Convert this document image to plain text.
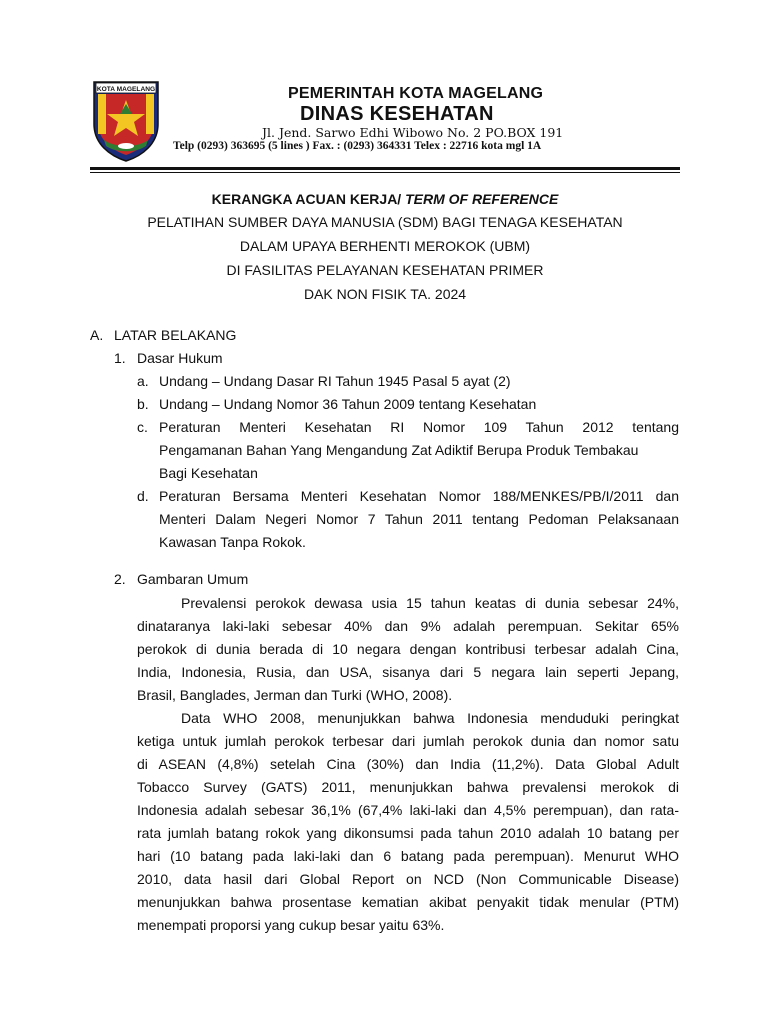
KOTA MAGELANG	PEMERINTAH KOTA MAGELANG
DINAS KESEHATAN
Jl. Jend. Sarwo Edhi Wibowo No. 2 PO.BOX 191
Telp (0293) 363695 (5 lines ) Fax. : (0293) 364331 Telex : 22716 kota mgl 1A
KERANGKA ACUAN KERJA/ TERM OF REFERENCE
PELATIHAN SUMBER DAYA MANUSIA (SDM) BAGI TENAGA KESEHATAN
DALAM UPAYA BERHENTI MEROKOK (UBM)
DI FASILITAS PELAYANAN KESEHATAN PRIMER
DAK NON FISIK TA. 2024
A. LATAR BELAKANG
1. Dasar Hukum
a. Undang – Undang Dasar RI Tahun 1945 Pasal 5 ayat (2)
b. Undang – Undang Nomor 36 Tahun 2009 tentang Kesehatan
c. Peraturan Menteri Kesehatan RI Nomor 109 Tahun 2012 tentang
Pengamanan Bahan Yang Mengandung Zat Adiktif Berupa Produk Tembakau
Bagi Kesehatan
d. Peraturan Bersama Menteri Kesehatan Nomor 188/MENKES/PB/I/2011 dan
Menteri Dalam Negeri Nomor 7 Tahun 2011 tentang Pedoman Pelaksanaan
Kawasan Tanpa Rokok.
2. Gambaran Umum
Prevalensi perokok dewasa usia 15 tahun keatas di dunia sebesar 24%,
dinataranya laki-laki sebesar 40% dan 9% adalah perempuan. Sekitar 65%
perokok di dunia berada di 10 negara dengan kontribusi terbesar adalah Cina,
India, Indonesia, Rusia, dan USA, sisanya dari 5 negara lain seperti Jepang,
Brasil, Banglades, Jerman dan Turki (WHO, 2008).
Data WHO 2008, menunjukkan bahwa Indonesia menduduki peringkat
ketiga untuk jumlah perokok terbesar dari jumlah perokok dunia dan nomor satu
di ASEAN (4,8%) setelah Cina (30%) dan India (11,2%). Data Global Adult
Tobacco Survey (GATS) 2011, menunjukkan bahwa prevalensi merokok di
Indonesia adalah sebesar 36,1% (67,4% laki-laki dan 4,5% perempuan), dan rata-
rata jumlah batang rokok yang dikonsumsi pada tahun 2010 adalah 10 batang per
hari (10 batang pada laki-laki dan 6 batang pada perempuan). Menurut WHO
2010, data hasil dari Global Report on NCD (Non Communicable Disease)
menunjukkan bahwa prosentase kematian akibat penyakit tidak menular (PTM)
menempati proporsi yang cukup besar yaitu 63%.
